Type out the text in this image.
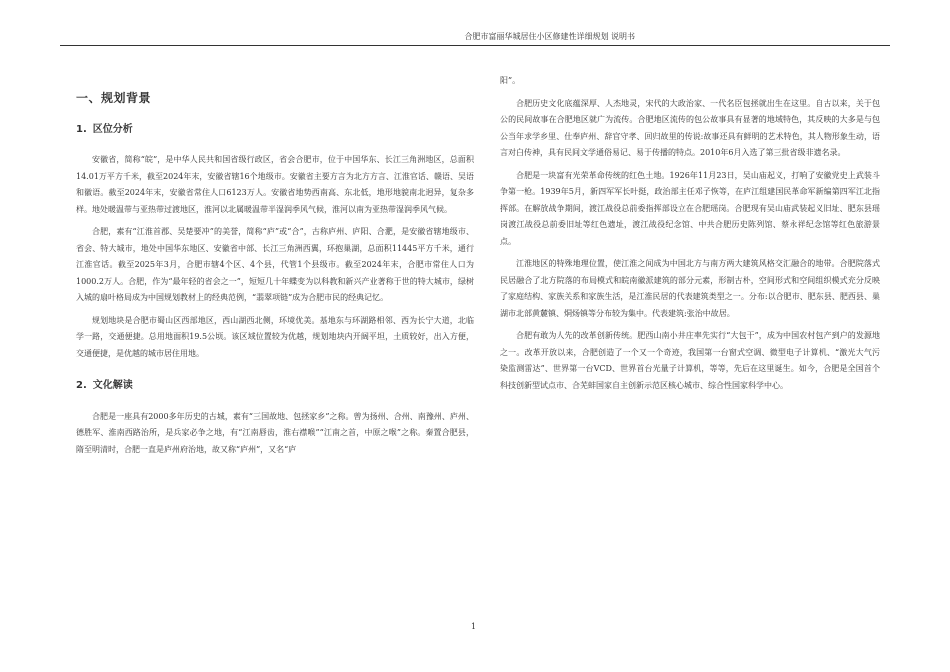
合肥市富丽华城居住小区修建性详细规划 说明书
一、规划背景
1. 区位分析

安徽省，简称“皖”，是中华人民共和国省级行政区，省会合肥市，位于中国华东、长江三角洲地区，总面积14.01万平方千米，截至2024年末，安徽省辖16个地级市。安徽省主要方言为北方方言、江淮官话、赣语、吴语和徽语。截至2024年末，安徽省常住人口6123万人。安徽省地势西南高、东北低，地形地貌南北迥异，复杂多样。地处暖温带与亚热带过渡地区，淮河以北属暖温带半湿润季风气候，淮河以南为亚热带湿润季风气候。

合肥，素有“江淮首郡、吴楚要冲”的美誉，简称“庐”或“合”，古称庐州、庐阳、合淝，是安徽省辖地级市、省会、特大城市，地处中国华东地区、安徽省中部、长江三角洲西翼，环抱巢湖，总面积11445平方千米，通行江淮官话。截至2025年3月，合肥市辖4个区、4个县，代管1个县级市。截至2024年末，合肥市常住人口为1000.2万人。合肥，作为“最年轻的省会之一”，短短几十年蝶变为以科教和新兴产业著称于世的特大城市，绿树入城的扇叶格局成为中国规划教材上的经典范例，“翡翠项链”成为合肥市民的经典记忆。

规划地块是合肥市蜀山区西部地区，西山湖西北侧，环境优美。基地东与环湖路相邻、西为长宁大道，北临学一路，交通便捷。总用地面积19.5公顷。该区域位置较为优越，规划地块内开阔平坦，土质较好，出入方便，交通便捷，是优越的城市居住用地。

2. 文化解读

合肥是一座具有2000多年历史的古城，素有“三国故地、包拯家乡”之称。曾为扬州、合州、南豫州、庐州、德胜军、淮南西路治所，是兵家必争之地，有“江南唇齿，淮右襟喉”“江南之首，中原之喉”之称。秦置合肥县，隋至明清时，合肥一直是庐州府治地，故又称“庐州”，又名“庐

阳”。

合肥历史文化底蕴深厚、人杰地灵，宋代的大政治家、一代名臣包拯就出生在这里。自古以来，关于包公的民间故事在合肥地区就广为流传。合肥地区流传的包公故事具有显著的地域特色，其反映的大多是与包公当年求学乡里、仕奉庐州、辞官守孝、回归故里的传说:故事还具有鲜明的艺术特色，其人物形象生动，语言对白传神，具有民间文学通俗易记、易于传播的特点。2010年6月入选了第三批省级非遗名录。

合肥是一块富有光荣革命传统的红色土地。1926年11月23日，吴山庙起义，打响了安徽党史上武装斗争第一枪。1939年5月，新四军军长叶挺，政治部主任邓子恢等，在庐江组建国民革命军新编第四军江北指挥部。在解放战争期间，渡江战役总前委指挥部设立在合肥瑶岗。合肥现有吴山庙武装起义旧址、肥东县瑶岗渡江战役总前委旧址等红色遗址，渡江战役纪念馆、中共合肥历史陈列馆、蔡永祥纪念馆等红色旅游景点。

江淮地区的特殊地理位置，使江淮之间成为中国北方与南方两大建筑风格交汇融合的地带。合肥院落式民居融合了北方院落的布局模式和皖南徽派建筑的部分元素，形制古朴，空间形式和空间组织模式充分反映了家庭结构、家族关系和家族生活，是江淮民居的代表建筑类型之一。分布:以合肥市、肥东县、肥西县、巢湖市北部黄麓镇、烔炀镇等分布较为集中。代表建筑:张治中故居。

合肥有敢为人先的改革创新传统。肥西山南小井庄率先实行“大包干”，成为中国农村包产到户的发源地之一。改革开放以来，合肥创造了一个又一个奇迹，我国第一台窗式空调、微型电子计算机、“激光大气污染监测雷达”、世界第一台VCD、世界首台光量子计算机，等等，先后在这里诞生。如今，合肥是全国首个科技创新型试点市、合芜蚌国家自主创新示范区核心城市、综合性国家科学中心。

1
